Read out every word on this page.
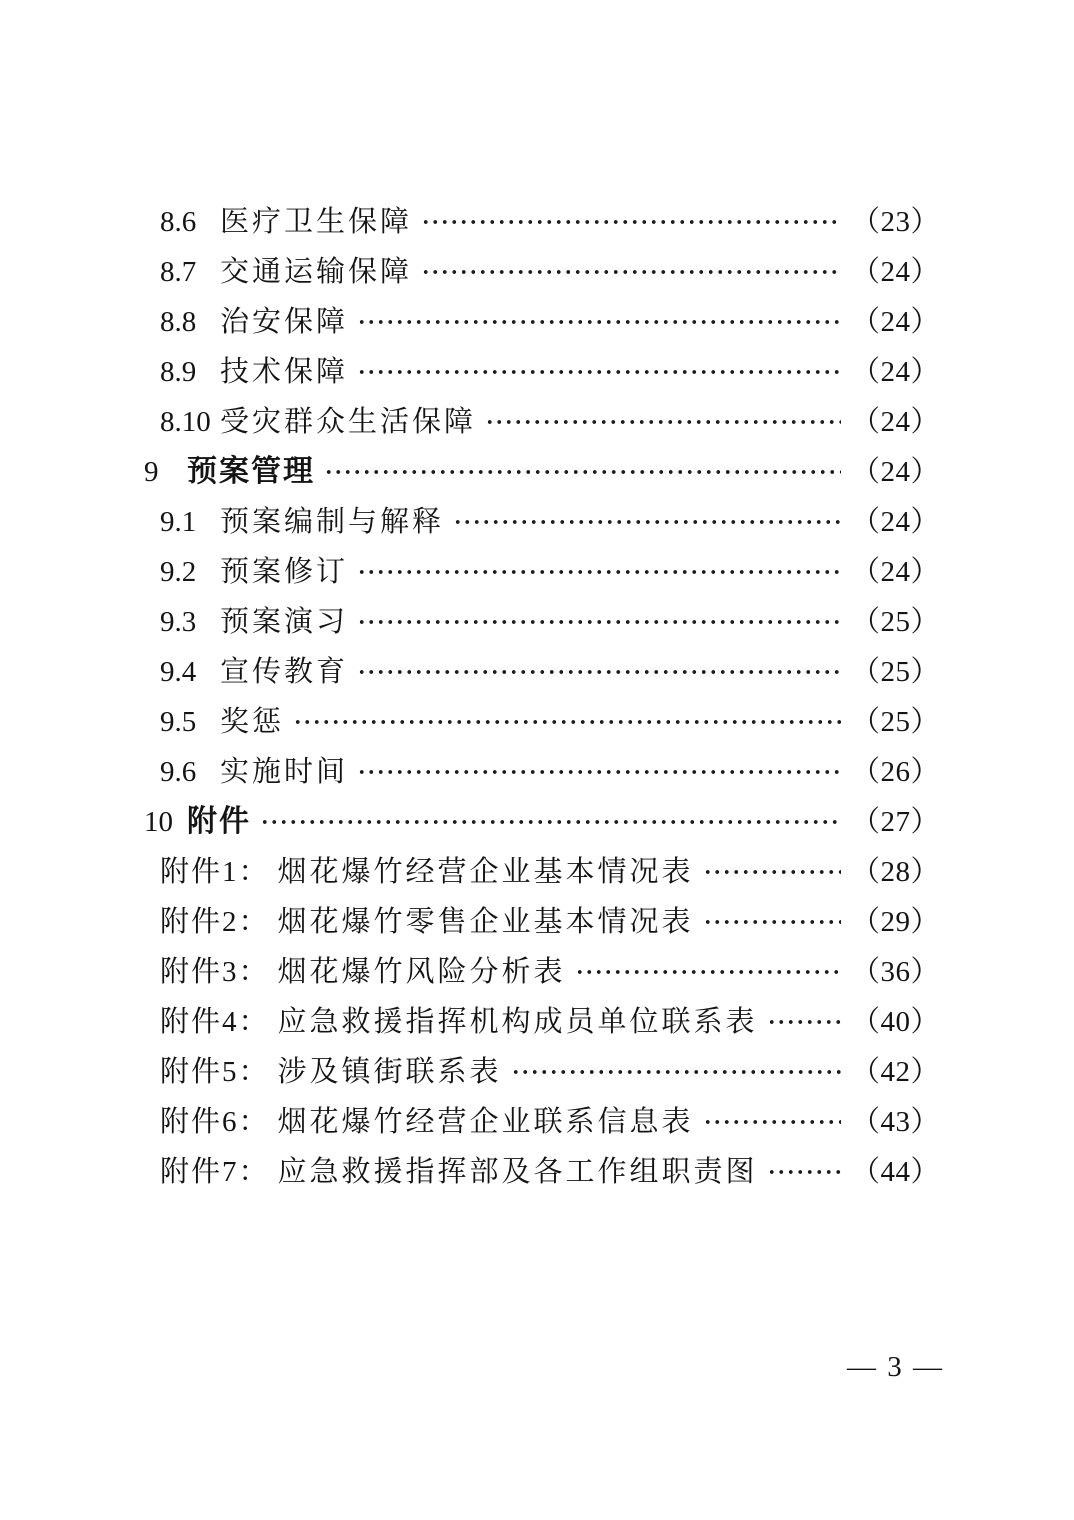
8.6 医疗卫生保障	（23）
8.7 交通运输保障	（24）
8.8 治安保障	（24）
8.9 技术保障	（24）
8.10 受灾群众生活保障	（24）
9 预案管理	（24）
9.1 预案编制与解释	（24）
9.2 预案修订	（24）
9.3 预案演习	（25）
9.4 宣传教育	（25）
9.5 奖惩	（25）
9.6 实施时间	（26）
10 附件	（27）
附件1： 烟花爆竹经营企业基本情况表	（28）
附件2： 烟花爆竹零售企业基本情况表	（29）
附件3： 烟花爆竹风险分析表	（36）
附件4： 应急救援指挥机构成员单位联系表	（40）
附件5： 涉及镇街联系表	（42）
附件6： 烟花爆竹经营企业联系信息表	（43）
附件7： 应急救援指挥部及各工作组职责图	（44）
— 3 —
